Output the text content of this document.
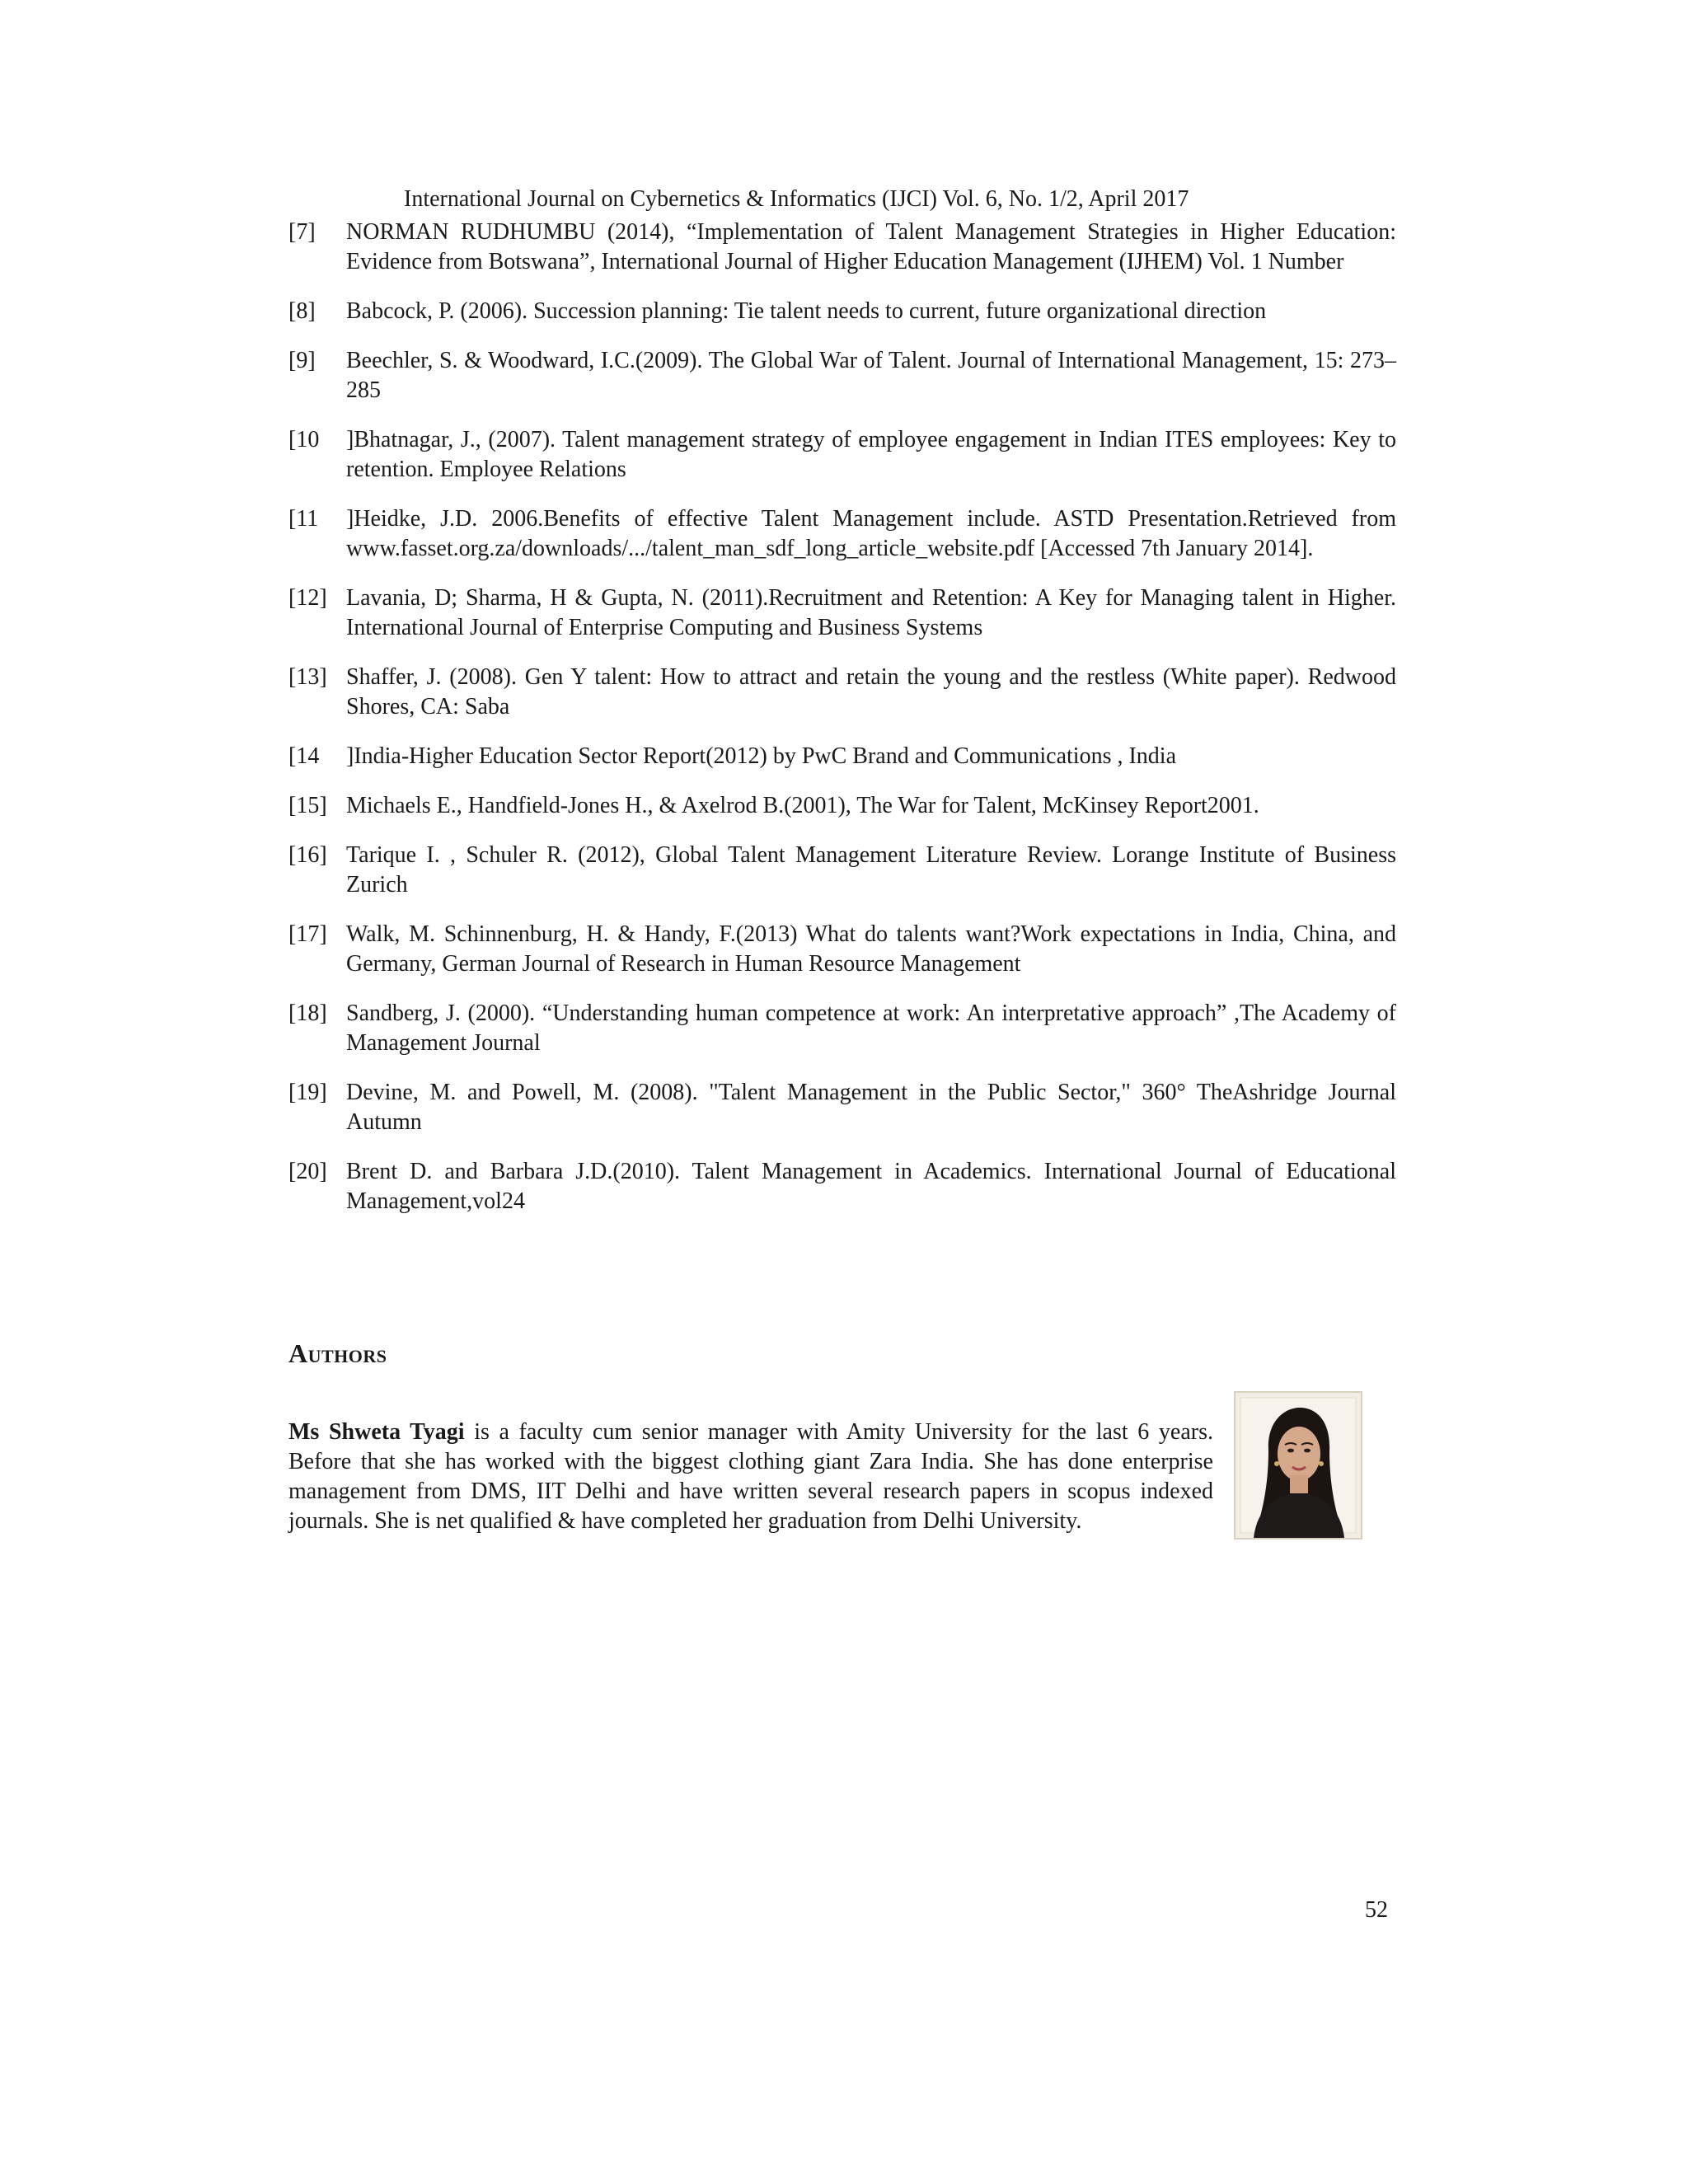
International Journal on Cybernetics & Informatics (IJCI) Vol. 6, No. 1/2, April 2017
[7]	NORMAN RUDHUMBU (2014), “Implementation of Talent Management Strategies in Higher Education: Evidence from Botswana”, International Journal of Higher Education Management (IJHEM) Vol. 1 Number
[8]	Babcock, P. (2006). Succession planning: Tie talent needs to current, future organizational direction
[9]	Beechler, S. & Woodward, I.C.(2009). The Global War of Talent. Journal of International Management, 15: 273–285
[10	]Bhatnagar, J., (2007). Talent management strategy of employee engagement in Indian ITES employees: Key to retention. Employee Relations
[11	]Heidke, J.D. 2006.Benefits of effective Talent Management include. ASTD Presentation.Retrieved from www.fasset.org.za/downloads/.../talent_man_sdf_long_article_website.pdf [Accessed 7th January 2014].
[12] Lavania, D; Sharma, H & Gupta, N. (2011).Recruitment and Retention: A Key for Managing talent in Higher. International Journal of Enterprise Computing and Business Systems
[13] Shaffer, J. (2008). Gen Y talent: How to attract and retain the young and the restless (White paper). Redwood Shores, CA: Saba
[14	]India-Higher Education Sector Report(2012) by PwC Brand and Communications , India
[15] Michaels E., Handfield-Jones H., & Axelrod B.(2001), The War for Talent, McKinsey Report2001.
[16] Tarique I. , Schuler R. (2012), Global Talent Management Literature Review. Lorange Institute of Business Zurich
[17] Walk, M. Schinnenburg, H. & Handy, F.(2013) What do talents want?Work expectations in India, China, and Germany, German Journal of Research in Human Resource Management
[18] Sandberg, J. (2000). “Understanding human competence at work: An interpretative approach” ,The Academy of Management Journal
[19] Devine, M. and Powell, M. (2008). "Talent Management in the Public Sector," 360° TheAshridge Journal Autumn
[20] Brent D. and Barbara J.D.(2010). Talent Management in Academics. International Journal of Educational Management,vol24
Authors

Ms Shweta Tyagi is a faculty cum senior manager with Amity University for the last 6 years. Before that she has worked with the biggest clothing giant Zara India. She has done enterprise management from DMS, IIT Delhi and have written several research papers in scopus indexed journals. She is net qualified & have completed her graduation from Delhi University.

52
